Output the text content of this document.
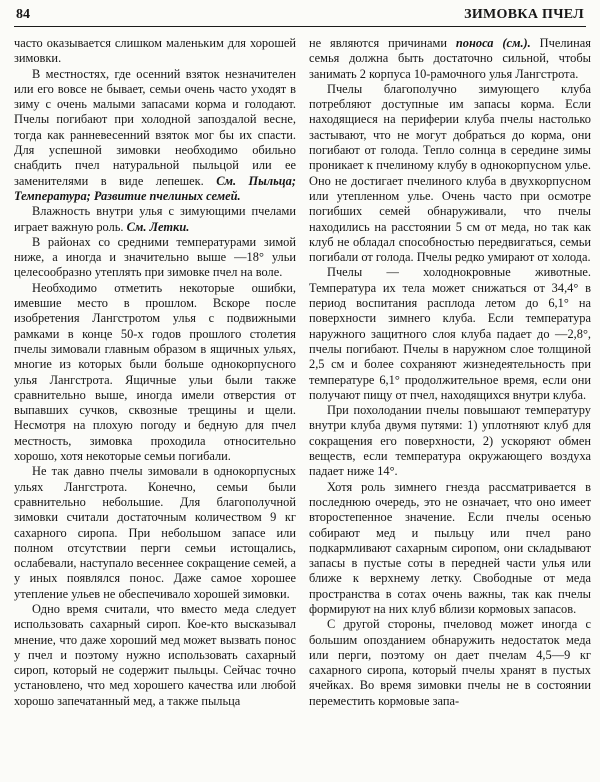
84	ЗИМОВКА ПЧЕЛ

часто оказывается слишком маленьким для хорошей зимовки.

В местностях, где осенний взяток незначителен или его вовсе не бывает, семьи очень часто уходят в зиму с очень малыми запасами корма и голодают. Пчелы погибают при холодной запоздалой весне, тогда как ранневесенний взяток мог бы их спасти. Для успешной зимовки необходимо обильно снабдить пчел натуральной пыльцой или ее заменителями в виде лепешек. См. Пыльца; Температура; Развитие пчелиных семей.

Влажность внутри улья с зимующими пчелами играет важную роль. См. Летки.

В районах со средними температурами зимой ниже, а иногда и значительно выше —18° ульи целесообразно утеплять при зимовке пчел на воле.

Необходимо отметить некоторые ошибки, имевшие место в прошлом. Вскоре после изобретения Лангстротом улья с подвижными рамками в конце 50-х годов прошлого столетия пчелы зимовали главным образом в ящичных ульях, многие из которых были больше однокорпусного улья Лангстрота. Ящичные ульи были также сравнительно выше, иногда имели отверстия от выпавших сучков, сквозные трещины и щели. Несмотря на плохую погоду и бедную для пчел местность, зимовка проходила относительно хорошо, хотя некоторые семьи погибали.

Не так давно пчелы зимовали в однокорпусных ульях Лангстрота. Конечно, семьи были сравнительно небольшие. Для благополучной зимовки считали достаточным количеством 9 кг сахарного сиропа. При небольшом запасе или полном отсутствии перги семьи истощались, ослабевали, наступало весеннее сокращение семей, а у иных появлялся понос. Даже самое хорошее утепление ульев не обеспечивало хорошей зимовки.

Одно время считали, что вместо меда следует использовать сахарный сироп. Кое-кто высказывал мнение, что даже хороший мед может вызвать понос у пчел и поэтому нужно использовать сахарный сироп, который не содержит пыльцы. Сейчас точно установлено, что мед хорошего качества или любой хорошо запечатанный мед, а также пыльца

не являются причинами поноса (см.). Пчелиная семья должна быть достаточно сильной, чтобы занимать 2 корпуса 10-рамочного улья Лангстрота.

Пчелы благополучно зимующего клуба потребляют доступные им запасы корма. Если находящиеся на периферии клуба пчелы настолько застывают, что не могут добраться до корма, они погибают от голода. Тепло солнца в середине зимы проникает к пчелиному клубу в однокорпусном улье. Оно не достигает пчелиного клуба в двухкорпусном или утепленном улье. Очень часто при осмотре погибших семей обнаруживали, что пчелы находились на расстоянии 5 см от меда, но так как клуб не обладал способностью передвигаться, семьи погибали от голода. Пчелы редко умирают от холода.

Пчелы — холоднокровные животные. Температура их тела может снижаться от 34,4° в период воспитания расплода летом до 6,1° на поверхности зимнего клуба. Если температура наружного защитного слоя клуба падает до —2,8°, пчелы погибают. Пчелы в наружном слое толщиной 2,5 см и более сохраняют жизнедеятельность при температуре 6,1° продолжительное время, если они получают пищу от пчел, находящихся внутри клуба.

При похолодании пчелы повышают температуру внутри клуба двумя путями: 1) уплотняют клуб для сокращения его поверхности, 2) ускоряют обмен веществ, если температура окружающего воздуха падает ниже 14°.

Хотя роль зимнего гнезда рассматривается в последнюю очередь, это не означает, что оно имеет второстепенное значение. Если пчелы осенью собирают мед и пыльцу или пчел рано подкармливают сахарным сиропом, они складывают запасы в пустые соты в передней части улья или ближе к верхнему летку. Свободные от меда пространства в сотах очень важны, так как пчелы формируют на них клуб вблизи кормовых запасов.

С другой стороны, пчеловод может иногда с большим опозданием обнаружить недостаток меда или перги, поэтому он дает пчелам 4,5—9 кг сахарного сиропа, который пчелы хранят в пустых ячейках. Во время зимовки пчелы не в состоянии переместить кормовые запа-
